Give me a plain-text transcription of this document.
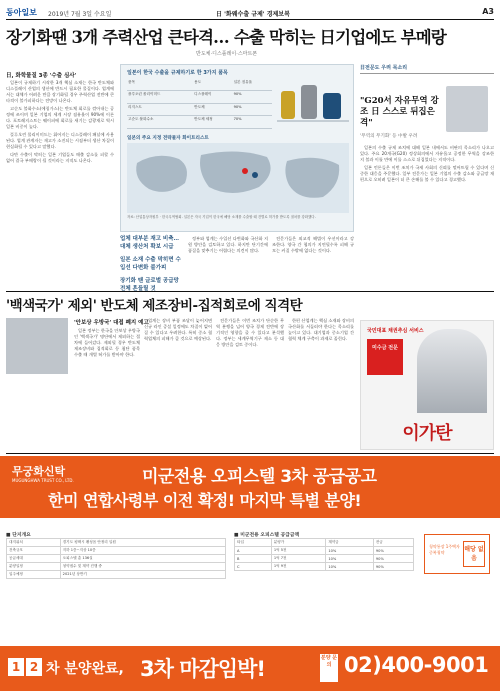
동아일보 2019년 7월 3일 수요일	日 '화웨수출 규제' 경제보복	A3
장기화땐 3개 주력산업 큰타격… 수출 막히는 日기업에도 부메랑
반도체·디스플레이·스마트폰
日, 화학물질 3종 '수출 심사'

일본이 규제하기 시작한 3개 핵심 소재는 한국 반도체와 디스플레이 산업의 생산에 반드시 필요한 물질이다. 업계에서는 대체가 어려운 만큼 장기화될 경우 주력산업 전반에 큰 타격이 불가피하다는 전망이 나온다.

고순도 불화수소(에칭가스)는 반도체 회로를 깎아내는 공정에 쓰이며 일본 기업의 세계 시장 점유율이 90%에 이른다. 포토레지스트는 웨이퍼에 회로를 새기는 감광재로 역시 일본 비중이 높다.

플루오린 폴리이미드는 휘어지는 디스플레이 패널에 사용된다. 업계 관계자는 재고가 소진되는 시점부터 생산 차질이 현실화될 수 있다고 말했다.

다만 수출이 막히는 일본 기업들도 매출 감소를 피할 수 없어 결국 부메랑이 될 것이라는 지적도 나온다.

일본이 한국 수출을 규제하기로 한 3가지 품목
품목	용도	일본 점유율
플루오린 폴리이미드	디스플레이	90%
리지스트	반도체	90%
고순도 불화수소	반도체 세정	70%
일본의 주요 지정 전략물자 화이트리스트
자료: 산업통상자원부 · 한국무역협회. 일본은 자국 기업이 한국에 해당 소재를 수출할 때 건별로 허가를 받도록 절차를 강화했다.
업체 대부분 재고 비축… 대체 생산처 확보 시급
일본 소재 수출 막히면 수입선 다변화 불가피
장기화 땐 글로벌 공급망 전체 흔들릴 것

정부와 업계는 수입선 다변화와 국산화 지원 방안을 검토하고 있다. 하지만 단기간에 품질을 맞추기는 어렵다는 의견이 많다.

전문가들은 외교적 해법이 우선이라고 강조한다. 양국 간 협의가 지연될수록 피해 규모는 커질 수밖에 없다는 것이다.

日전문도 우려 목소리
"G20서 자유무역 강조 日 스스로 뒤집은 격"
'무역의 무기화' 등 中발 우려

일본의 수출 규제 조치에 대해 일본 내에서도 비판의 목소리가 나오고 있다. 주요 20개국(G20) 정상회의에서 자유롭고 공정한 무역을 강조한 지 불과 이틀 만에 이를 스스로 뒤집었다는 지적이다.

일본 언론들은 이번 조치가 국제 사회의 신뢰를 떨어뜨릴 수 있다며 신중한 대응을 주문했다. 일부 전문가는 일본 기업의 수출 감소와 공급망 재편으로 오히려 일본이 더 큰 손해를 볼 수 있다고 경고했다.

'백색국가' 제외' 반도체 제조장비-집적회로에 직격탄
'안보상 우방국' 대접 폐지 예고

일본 정부는 한국을 안보상 우방국인 '백색국가' 명단에서 제외하는 절차에 들어갔다. 제외될 경우 반도체 제조장비와 집적회로 등 첨단 품목 수출 때 개별 허가를 받아야 한다.

업계는 장비 부품 조달이 늦어지면 신규 라인 증설 일정에도 차질이 빚어질 수 있다고 우려한다. 특히 중소 협력업체의 피해가 클 것으로 예상된다.

전문가들은 이번 조치가 단순한 무역 분쟁을 넘어 양국 경제 전반에 장기적인 영향을 줄 수 있다고 분석했다. 정부는 세계무역기구 제소 등 대응 방안을 검토 중이다.

한편 산업계는 핵심 소재와 장비의 국산화를 서둘러야 한다는 목소리를 높이고 있다. 대기업과 중소기업 간 협력 체계 구축이 과제로 꼽힌다.

국민대표 채권추심 서비스
미수금 전문
이가탄
무궁화신탁
MUGUNGHWA TRUST CO., LTD.	미군전용 오피스텔 3차 공급공고
한미 연합사령부 이전 확정! 마지막 특별 분양!
■ 단지개요
대지위치	경기도 평택시 팽성읍 안정리 일원
건축규모	지하 1층~지상 10층
공급세대	오피스텔 총 136실
분양일정	청약접수 및 계약 진행 중
입주예정	2021년 상반기
■ 미군전용 오피스텔 공급금액
타입	분양가	계약금	잔금
A	1억 5천	10%	90%
B	1억 7천	10%	90%
C	1억 9천	10%	90%
청약통장 1주택자 중복청약	해당 없음
1 2 차 분양완료, 3차 마감임박!	분양 문의 02)400-9001
